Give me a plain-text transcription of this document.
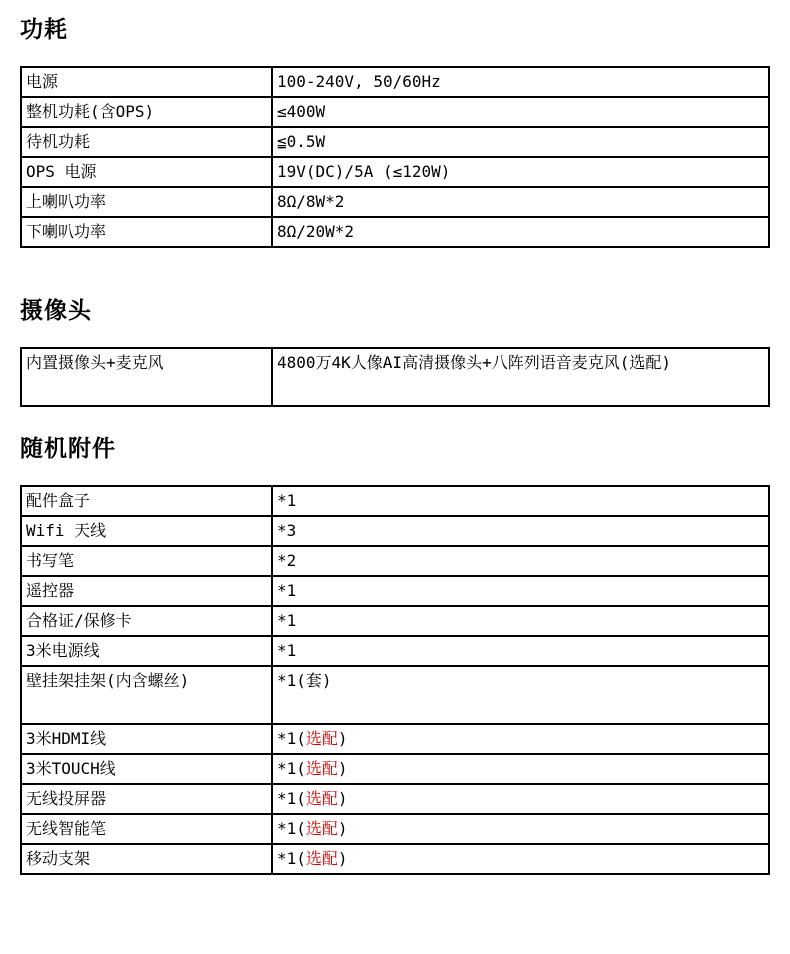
功耗
电源	100-240V, 50/60Hz
整机功耗(含OPS)	≤400W
待机功耗	≦0.5W
OPS 电源	19V(DC)/5A (≤120W)
上喇叭功率	8Ω/8W*2
下喇叭功率	8Ω/20W*2
摄像头
内置摄像头+麦克风	4800万4K人像AI高清摄像头+八阵列语音麦克风(选配)
随机附件
配件盒子	*1
Wifi 天线	*3
书写笔	*2
遥控器	*1
合格证/保修卡	*1
3米电源线	*1
壁挂架挂架(内含螺丝)	*1(套)
3米HDMI线	*1(选配)
3米TOUCH线	*1(选配)
无线投屏器	*1(选配)
无线智能笔	*1(选配)
移动支架	*1(选配)
